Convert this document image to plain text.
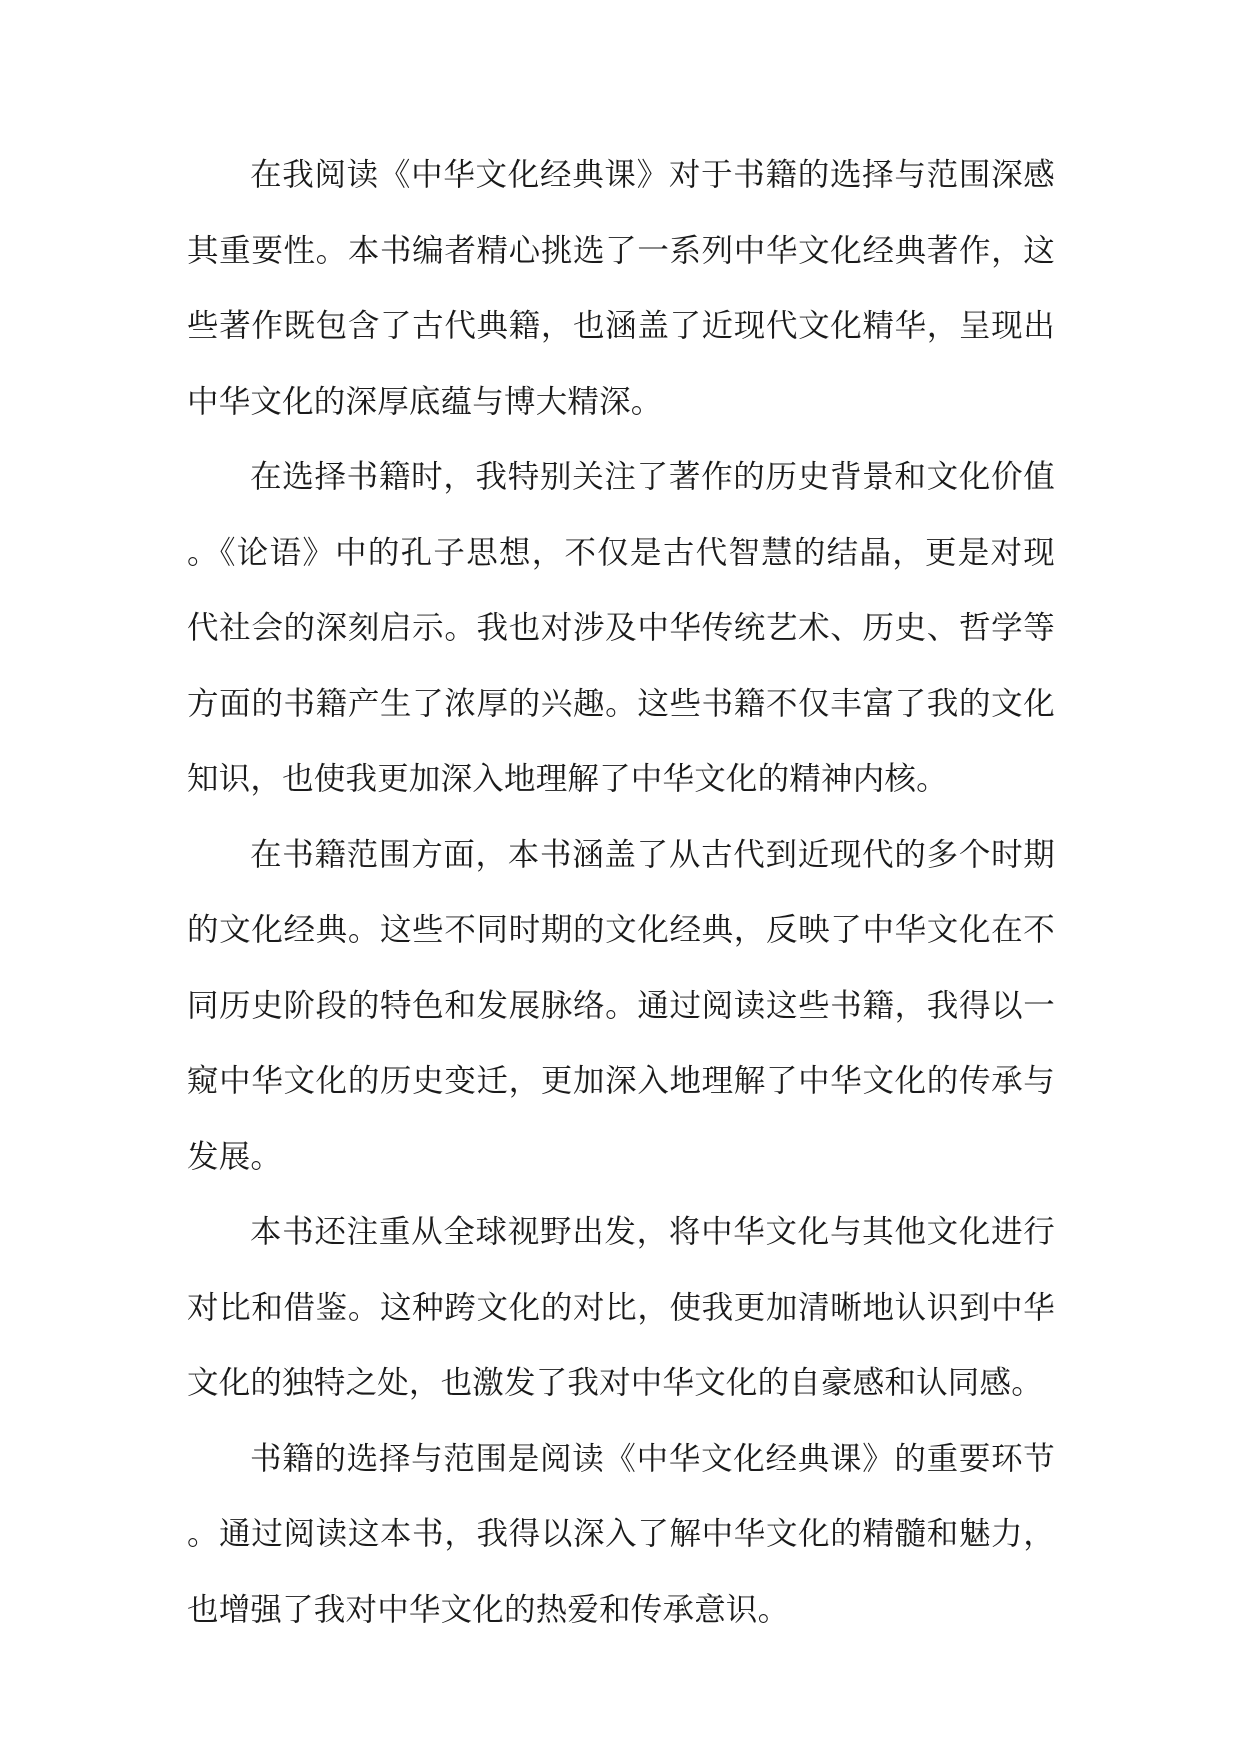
在我阅读《中华文化经典课》对于书籍的选择与范围深感其重要性。本书编者精心挑选了一系列中华文化经典著作，这些著作既包含了古代典籍，也涵盖了近现代文化精华，呈现出中华文化的深厚底蕴与博大精深。

在选择书籍时，我特别关注了著作的历史背景和文化价值。《论语》中的孔子思想，不仅是古代智慧的结晶，更是对现代社会的深刻启示。我也对涉及中华传统艺术、历史、哲学等方面的书籍产生了浓厚的兴趣。这些书籍不仅丰富了我的文化知识，也使我更加深入地理解了中华文化的精神内核。

在书籍范围方面，本书涵盖了从古代到近现代的多个时期的文化经典。这些不同时期的文化经典，反映了中华文化在不同历史阶段的特色和发展脉络。通过阅读这些书籍，我得以一窥中华文化的历史变迁，更加深入地理解了中华文化的传承与发展。

本书还注重从全球视野出发，将中华文化与其他文化进行对比和借鉴。这种跨文化的对比，使我更加清晰地认识到中华文化的独特之处，也激发了我对中华文化的自豪感和认同感。

书籍的选择与范围是阅读《中华文化经典课》的重要环节。通过阅读这本书，我得以深入了解中华文化的精髓和魅力，也增强了我对中华文化的热爱和传承意识。
